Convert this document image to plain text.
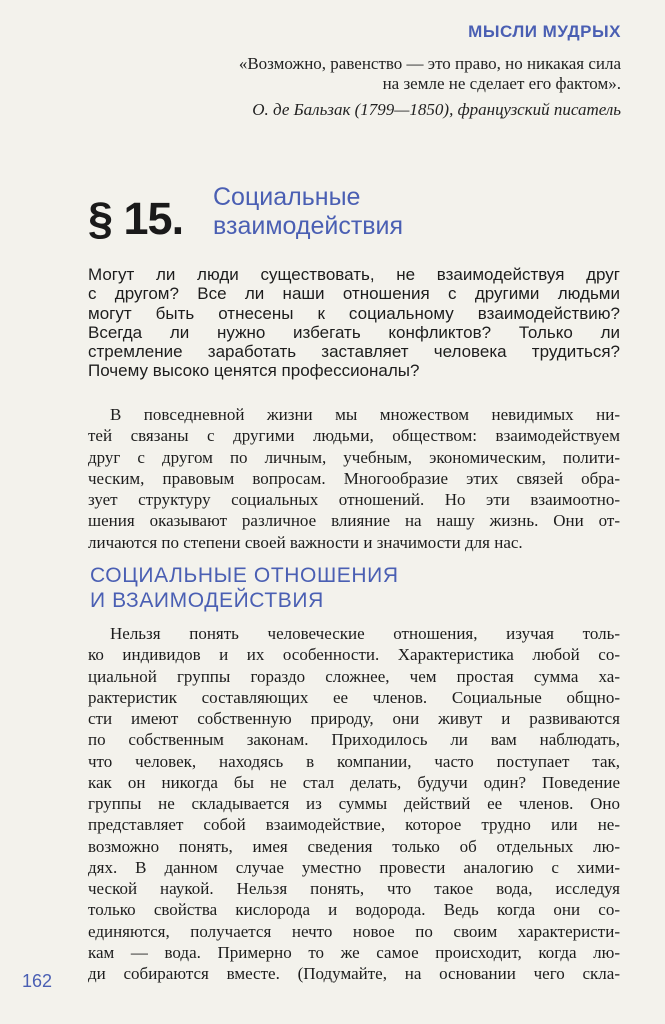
МЫСЛИ МУДРЫХ
«Возможно, равенство — это право, но никакая сила
на земле не сделает его фактом».
О. де Бальзак (1799—1850), французский писатель
§ 15. Социальные
взаимодействия
Могут ли люди существовать, не взаимодействуя друг
с другом? Все ли наши отношения с другими людьми
могут быть отнесены к социальному взаимодействию?
Всегда ли нужно избегать конфликтов? Только ли
стремление заработать заставляет человека трудиться?
Почему высоко ценятся профессионалы?
В повседневной жизни мы множеством невидимых ни-
тей связаны с другими людьми, обществом: взаимодействуем
друг с другом по личным, учебным, экономическим, полити-
ческим, правовым вопросам. Многообразие этих связей обра-
зует структуру социальных отношений. Но эти взаимоотно-
шения оказывают различное влияние на нашу жизнь. Они от-
личаются по степени своей важности и значимости для нас.
СОЦИАЛЬНЫЕ ОТНОШЕНИЯ
И ВЗАИМОДЕЙСТВИЯ
Нельзя понять человеческие отношения, изучая толь-
ко индивидов и их особенности. Характеристика любой со-
циальной группы гораздо сложнее, чем простая сумма ха-
рактеристик составляющих ее членов. Социальные общно-
сти имеют собственную природу, они живут и развиваются
по собственным законам. Приходилось ли вам наблюдать,
что человек, находясь в компании, часто поступает так,
как он никогда бы не стал делать, будучи один? Поведение
группы не складывается из суммы действий ее членов. Оно
представляет собой взаимодействие, которое трудно или не-
возможно понять, имея сведения только об отдельных лю-
дях. В данном случае уместно провести аналогию с хими-
ческой наукой. Нельзя понять, что такое вода, исследуя
только свойства кислорода и водорода. Ведь когда они со-
единяются, получается нечто новое по своим характеристи-
кам — вода. Примерно то же самое происходит, когда лю-
ди собираются вместе. (Подумайте, на основании чего скла-
162
